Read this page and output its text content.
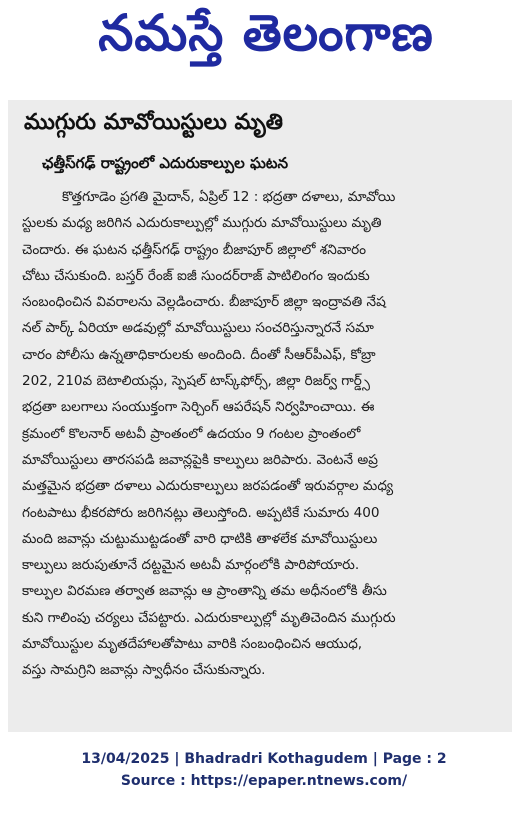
నమస్తే తెలంగాణ
ముగ్గురు మావోయిస్టులు మృతి
ఛత్తీస్‌గఢ్ రాష్ట్రంలో ఎదురుకాల్పుల ఘటన
కొత్తగూడెం ప్రగతి మైదాన్, ఏప్రిల్ 12 : భద్రతా దళాలు, మావోయి
స్టులకు మధ్య జరిగిన ఎదురుకాల్పుల్లో ముగ్గురు మావోయిస్టులు మృతి
చెందారు. ఈ ఘటన ఛత్తీస్‌గఢ్ రాష్ట్రం బీజాపూర్ జిల్లాలో శనివారం
చోటు చేసుకుంది. బస్తర్ రేంజ్ ఐజీ సుందర్‌రాజ్ పాటిలింగం ఇందుకు
సంబంధించిన వివరాలను వెల్లడించారు. బీజాపూర్ జిల్లా ఇంద్రావతి నేష
నల్ పార్క్ ఏరియా అడవుల్లో మావోయిస్టులు సంచరిస్తున్నారనే సమా
చారం పోలీసు ఉన్నతాధికారులకు అందింది. దీంతో సీఆర్‌పీఎఫ్, కోబ్రా
202, 210వ బెటాలియన్లు, స్పెషల్ టాస్క్‌ఫోర్స్, జిల్లా రిజర్వ్ గార్డ్స్
భద్రతా బలగాలు సంయుక్తంగా సెర్చింగ్ ఆపరేషన్ నిర్వహించాయి. ఈ
క్రమంలో కొలనార్ అటవీ ప్రాంతంలో ఉదయం 9 గంటల ప్రాంతంలో
మావోయిస్టులు తారసపడి జవాన్లపైకి కాల్పులు జరిపారు. వెంటనే అప్ర
మత్తమైన భద్రతా దళాలు ఎదురుకాల్పులు జరపడంతో ఇరువర్గాల మధ్య
గంటపాటు భీకరపోరు జరిగినట్లు తెలుస్తోంది. అప్పటికే సుమారు 400
మంది జవాన్లు చుట్టుముట్టడంతో వారి ధాటికి తాళలేక మావోయిస్టులు
కాల్పులు జరుపుతూనే దట్టమైన అటవీ మార్గంలోకి పారిపోయారు.
కాల్పుల విరమణ తర్వాత జవాన్లు ఆ ప్రాంతాన్ని తమ అధీనంలోకి తీసు
కుని గాలింపు చర్యలు చేపట్టారు. ఎదురుకాల్పుల్లో మృతిచెందిన ముగ్గురు
మావోయిస్టుల మృతదేహాలతోపాటు వారికి సంబంధించిన ఆయుధ,
వస్తు సామగ్రిని జవాన్లు స్వాధీనం చేసుకున్నారు.
13/04/2025 | Bhadradri Kothagudem | Page : 2
Source : https://epaper.ntnews.com/
